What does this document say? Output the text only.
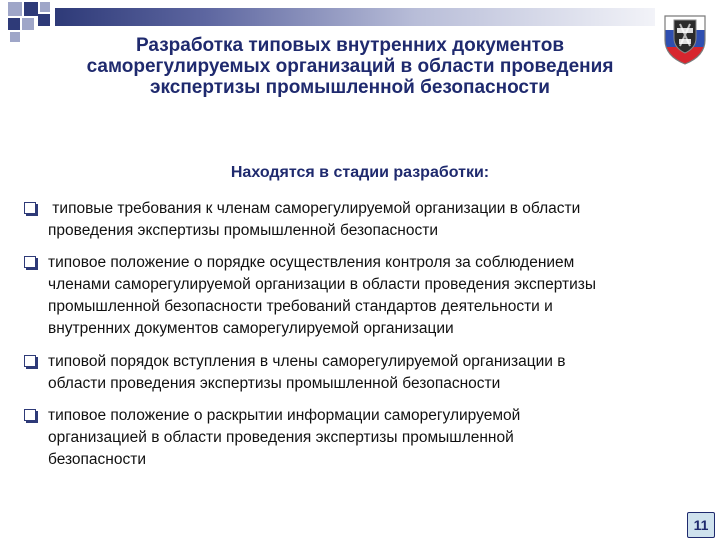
Разработка типовых внутренних документов
саморегулируемых организаций в области проведения
экспертизы промышленной безопасности
Находятся в стадии разработки:
типовые требования к членам саморегулируемой организации в области
проведения экспертизы промышленной безопасности
типовое положение о порядке осуществления контроля за соблюдением
членами саморегулируемой организации в области проведения экспертизы
промышленной безопасности требований стандартов деятельности и
внутренних документов саморегулируемой организации
типовой порядок вступления в члены саморегулируемой организации в
области проведения экспертизы промышленной безопасности
типовое положение о раскрытии информации саморегулируемой
организацией в области проведения экспертизы промышленной
безопасности
11
